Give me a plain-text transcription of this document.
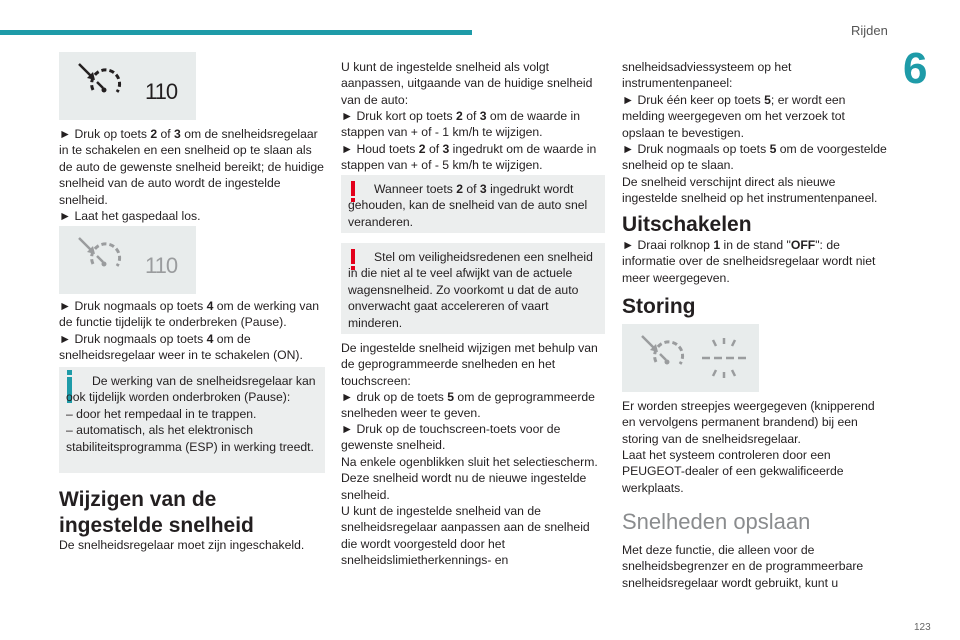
Rijden
6
110

► Druk op toets 2 of 3 om de snelheidsregelaar in te schakelen en een snelheid op te slaan als de auto de gewenste snelheid bereikt; de huidige snelheid van de auto wordt de ingestelde snelheid.
► Laat het gaspedaal los.

110

► Druk nogmaals op toets 4 om de werking van de functie tijdelijk te onderbreken (Pause).
► Druk nogmaals op toets 4 om de snelheidsregelaar weer in te schakelen (ON).

De werking van de snelheidsregelaar kan ook tijdelijk worden onderbroken (Pause):
– door het rempedaal in te trappen.
– automatisch, als het elektronisch stabiliteitsprogramma (ESP) in werking treedt.
Wijzigen van de ingestelde snelheid

De snelheidsregelaar moet zijn ingeschakeld.

U kunt de ingestelde snelheid als volgt aanpassen, uitgaande van de huidige snelheid van de auto:

► Druk kort op toets 2 of 3 om de waarde in stappen van + of - 1 km/h te wijzigen.

► Houd toets 2 of 3 ingedrukt om de waarde in stappen van + of - 5 km/h te wijzigen.

Wanneer toets 2 of 3 ingedrukt wordt gehouden, kan de snelheid van de auto snel veranderen.
Stel om veiligheidsredenen een snelheid in die niet al te veel afwijkt van de actuele wagensnelheid. Zo voorkomt u dat de auto onverwacht gaat accelereren of vaart minderen.

De ingestelde snelheid wijzigen met behulp van de geprogrammeerde snelheden en het touchscreen:

► druk op de toets 5 om de geprogrammeerde snelheden weer te geven.

► Druk op de touchscreen-toets voor de gewenste snelheid.

Na enkele ogenblikken sluit het selectiescherm. Deze snelheid wordt nu de nieuwe ingestelde snelheid.

U kunt de ingestelde snelheid van de snelheidsregelaar aanpassen aan de snelheid die wordt voorgesteld door het snelheidslimietherkennings- en

snelheidsadviessysteem op het instrumentenpaneel:

► Druk één keer op toets 5; er wordt een melding weergegeven om het verzoek tot opslaan te bevestigen.

► Druk nogmaals op toets 5 om de voorgestelde snelheid op te slaan.

De snelheid verschijnt direct als nieuwe ingestelde snelheid op het instrumentenpaneel.

Uitschakelen

► Draai rolknop 1 in de stand "OFF": de informatie over de snelheidsregelaar wordt niet meer weergegeven.

Storing

Er worden streepjes weergegeven (knipperend en vervolgens permanent brandend) bij een storing van de snelheidsregelaar.

Laat het systeem controleren door een PEUGEOT-dealer of een gekwalificeerde werkplaats.

Snelheden opslaan

Met deze functie, die alleen voor de snelheidsbegrenzer en de programmeerbare snelheidsregelaar wordt gebruikt, kunt u

123
